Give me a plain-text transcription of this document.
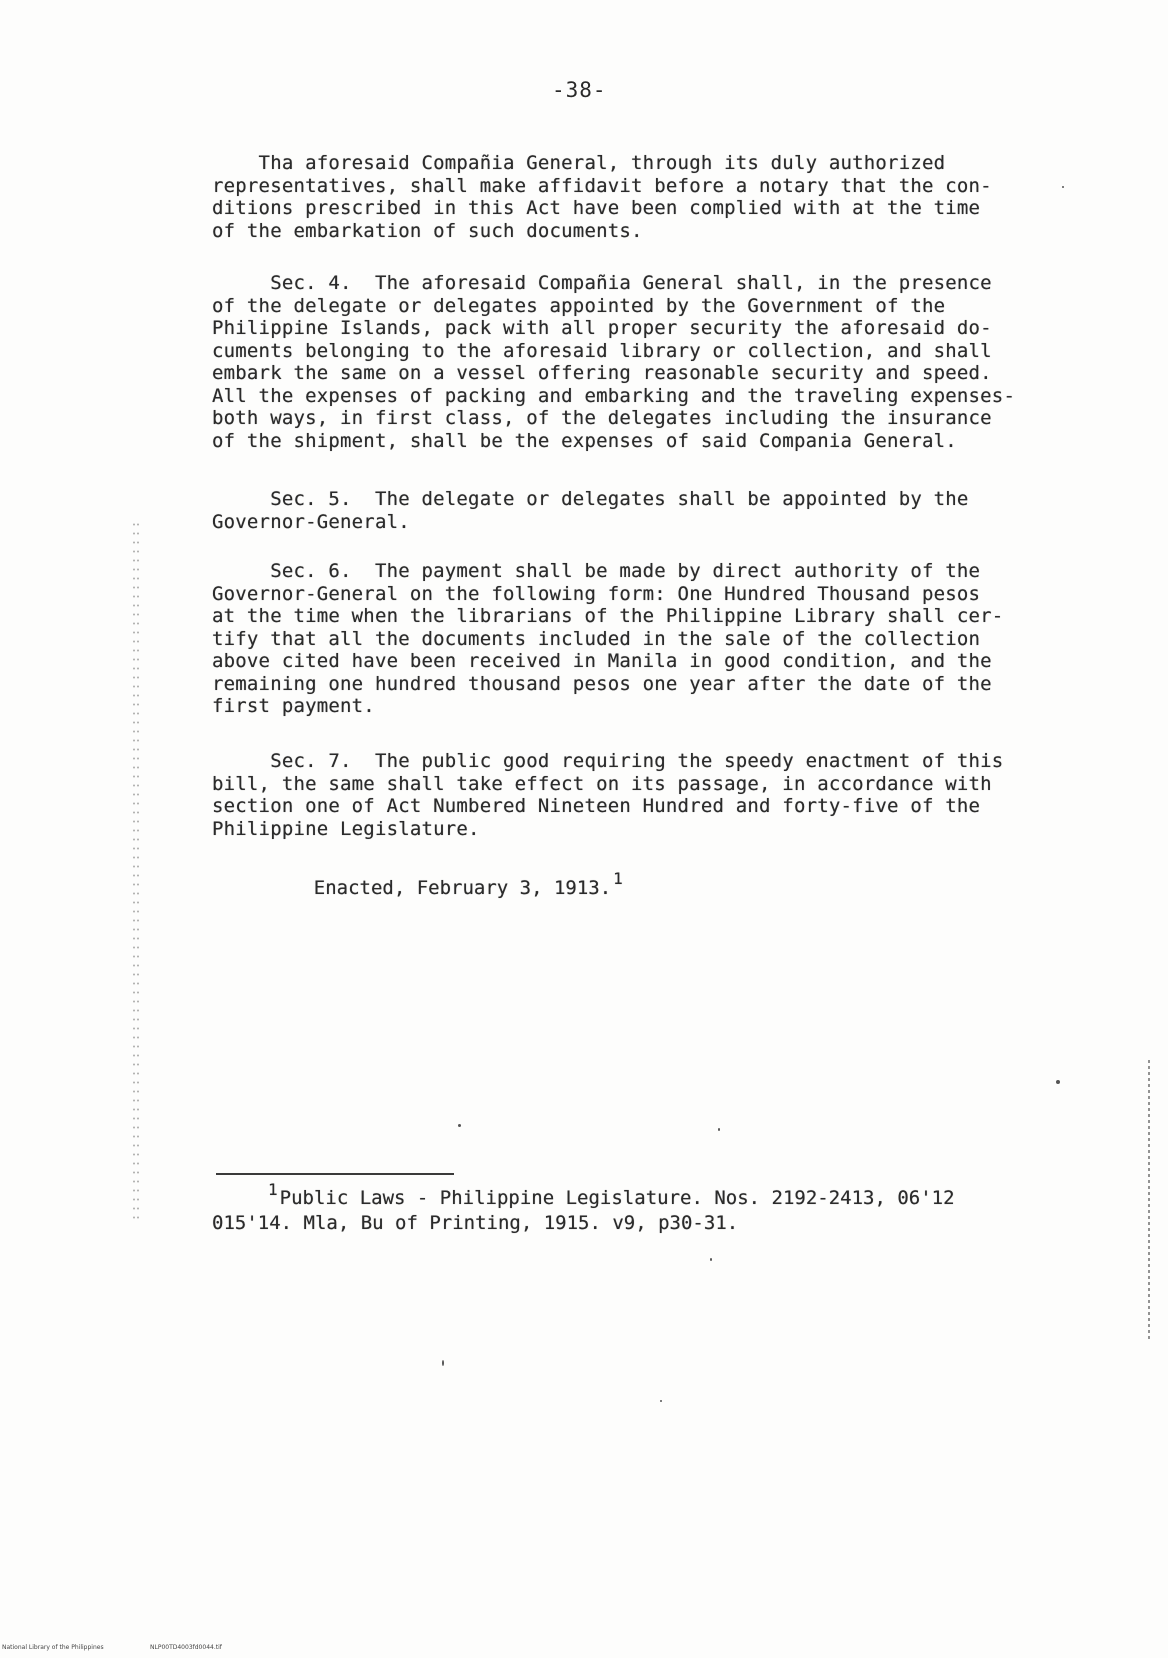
-38-
Tha aforesaid Compañia General, through its duly authorized
representatives, shall make affidavit before a notary that the con-
ditions prescribed in this Act have been complied with at the time
of the embarkation of such documents.
Sec. 4.  The aforesaid Compañia General shall, in the presence
of the delegate or delegates appointed by the Government of the
Philippine Islands, pack with all proper security the aforesaid do-
cuments belonging to the aforesaid library or collection, and shall
embark the same on a vessel offering reasonable security and speed.
All the expenses of packing and embarking and the traveling expenses-
both ways, in first class, of the delegates including the insurance
of the shipment, shall be the expenses of said Compania General.
Sec. 5.  The delegate or delegates shall be appointed by the
Governor-General.
Sec. 6.  The payment shall be made by direct authority of the
Governor-General on the following form: One Hundred Thousand pesos
at the time when the librarians of the Philippine Library shall cer-
tify that all the documents included in the sale of the collection
above cited have been received in Manila in good condition, and the
remaining one hundred thousand pesos one year after the date of the
first payment.
Sec. 7.  The public good requiring the speedy enactment of this
bill, the same shall take effect on its passage, in accordance with
section one of Act Numbered Nineteen Hundred and forty-five of the
Philippine Legislature.
Enacted, February 3, 1913. $^1$
$^1$ Public Laws - Philippine Legislature. Nos. 2192-2413, 06'12
015'14. Mla, Bu of Printing, 1915. v9, p30-31.
National Library of the Philippines	NLP00TD4003fd0044.tif
